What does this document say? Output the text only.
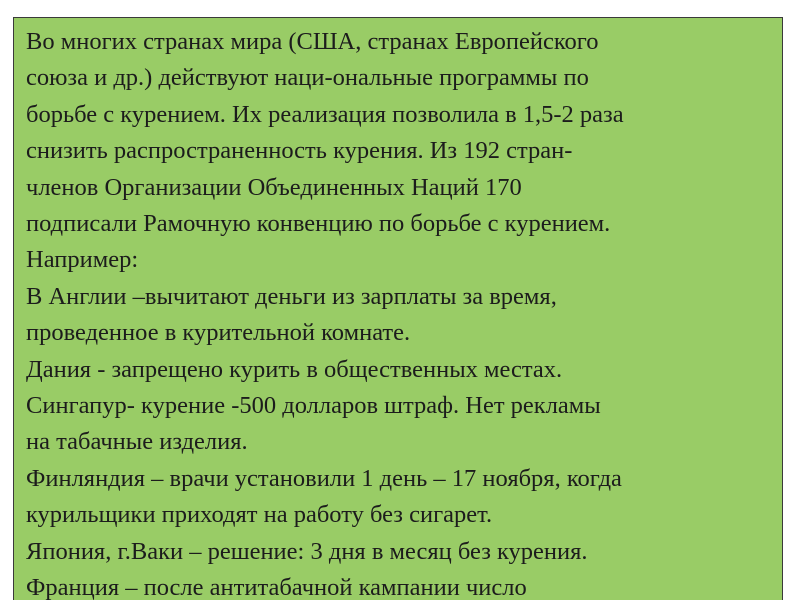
Во многих странах мира (США, странах Европейского
союза и др.) действуют наци-ональные программы по
борьбе с курением. Их реализация позволила в 1,5-2 раза
снизить распространенность курения. Из 192 стран-
членов Организации Объединенных Наций 170
подписали Рамочную конвенцию по борьбе с курением.
Например:
В Англии –вычитают деньги из зарплаты за время,
проведенное в курительной комнате.
Дания - запрещено курить в общественных местах.
Сингапур- курение -500 долларов штраф. Нет рекламы
на табачные изделия.
Финляндия – врачи установили 1 день – 17 ноября, когда
курильщики приходят на работу без сигарет.
Япония, г.Ваки – решение: 3 дня в месяц без курения.
Франция – после антитабачной кампании число
